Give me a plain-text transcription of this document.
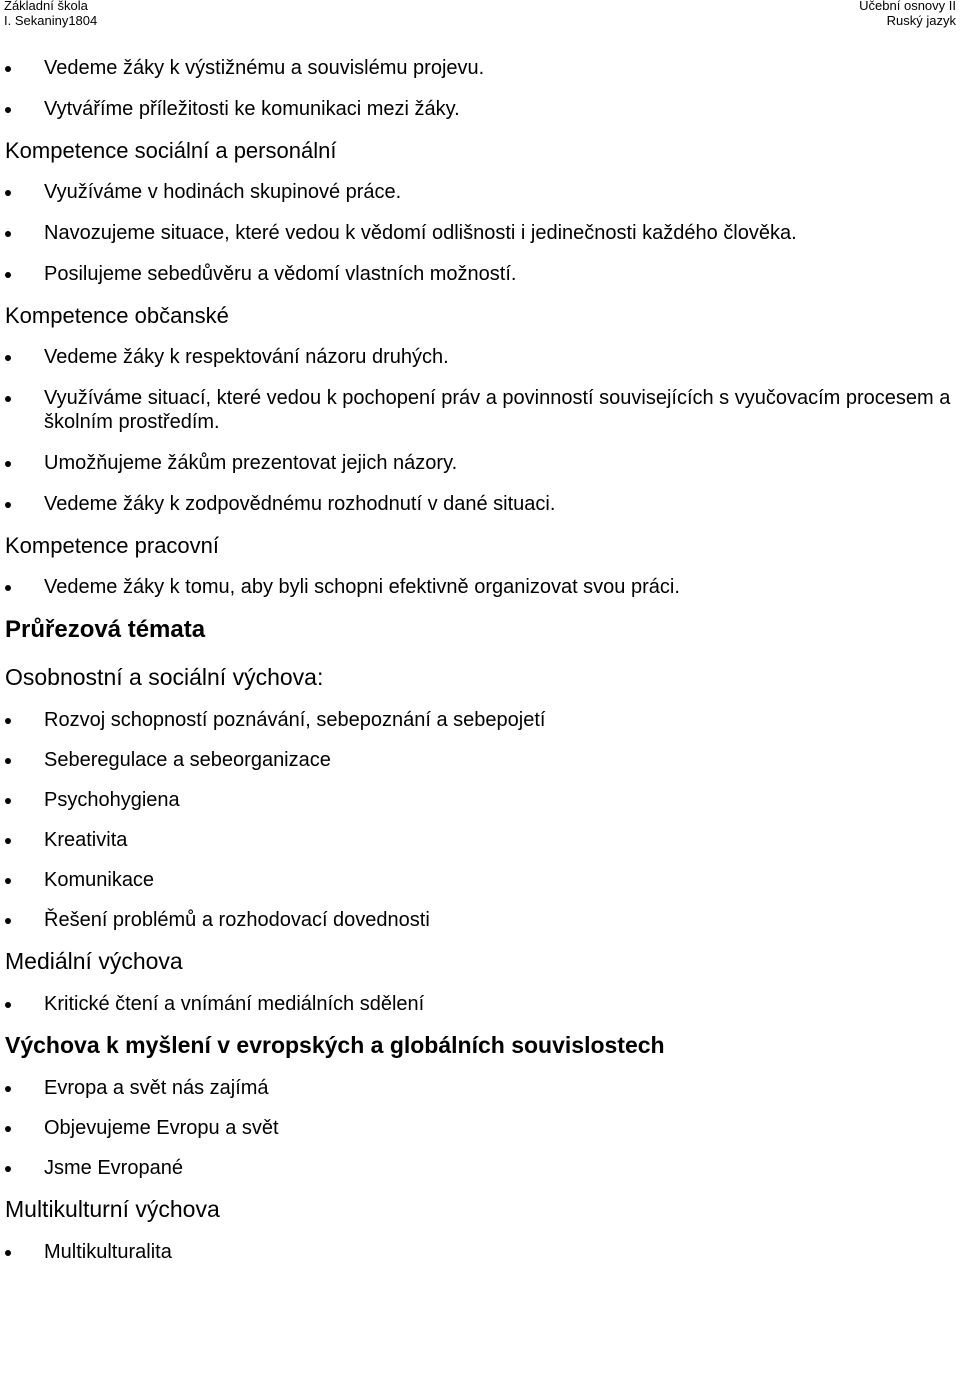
Základní škola
I. Sekaniny1804
Učební osnovy II
Ruský jazyk
Vedeme žáky k výstižnému a souvislému projevu.
Vytváříme příležitosti ke komunikaci mezi žáky.
Kompetence sociální a personální
Využíváme v hodinách skupinové práce.
Navozujeme situace, které vedou k vědomí odlišnosti i jedinečnosti každého člověka.
Posilujeme sebedůvěru a vědomí vlastních možností.
Kompetence občanské
Vedeme žáky k respektování názoru druhých.
Využíváme situací, které vedou k pochopení práv a povinností souvisejících s vyučovacím procesem a školním prostředím.
Umožňujeme žákům prezentovat jejich názory.
Vedeme žáky k zodpovědnému rozhodnutí v dané situaci.
Kompetence pracovní
Vedeme žáky k tomu, aby byli schopni efektivně organizovat svou práci.
Průřezová témata
Osobnostní a sociální výchova:
Rozvoj schopností poznávání, sebepoznání a sebepojetí
Seberegulace a sebeorganizace
Psychohygiena
Kreativita
Komunikace
Řešení problémů a rozhodovací dovednosti
Mediální výchova
Kritické čtení a vnímání mediálních sdělení
Výchova k myšlení v evropských a globálních souvislostech
Evropa a svět nás zajímá
Objevujeme Evropu a svět
Jsme Evropané
Multikulturní výchova
Multikulturalita
